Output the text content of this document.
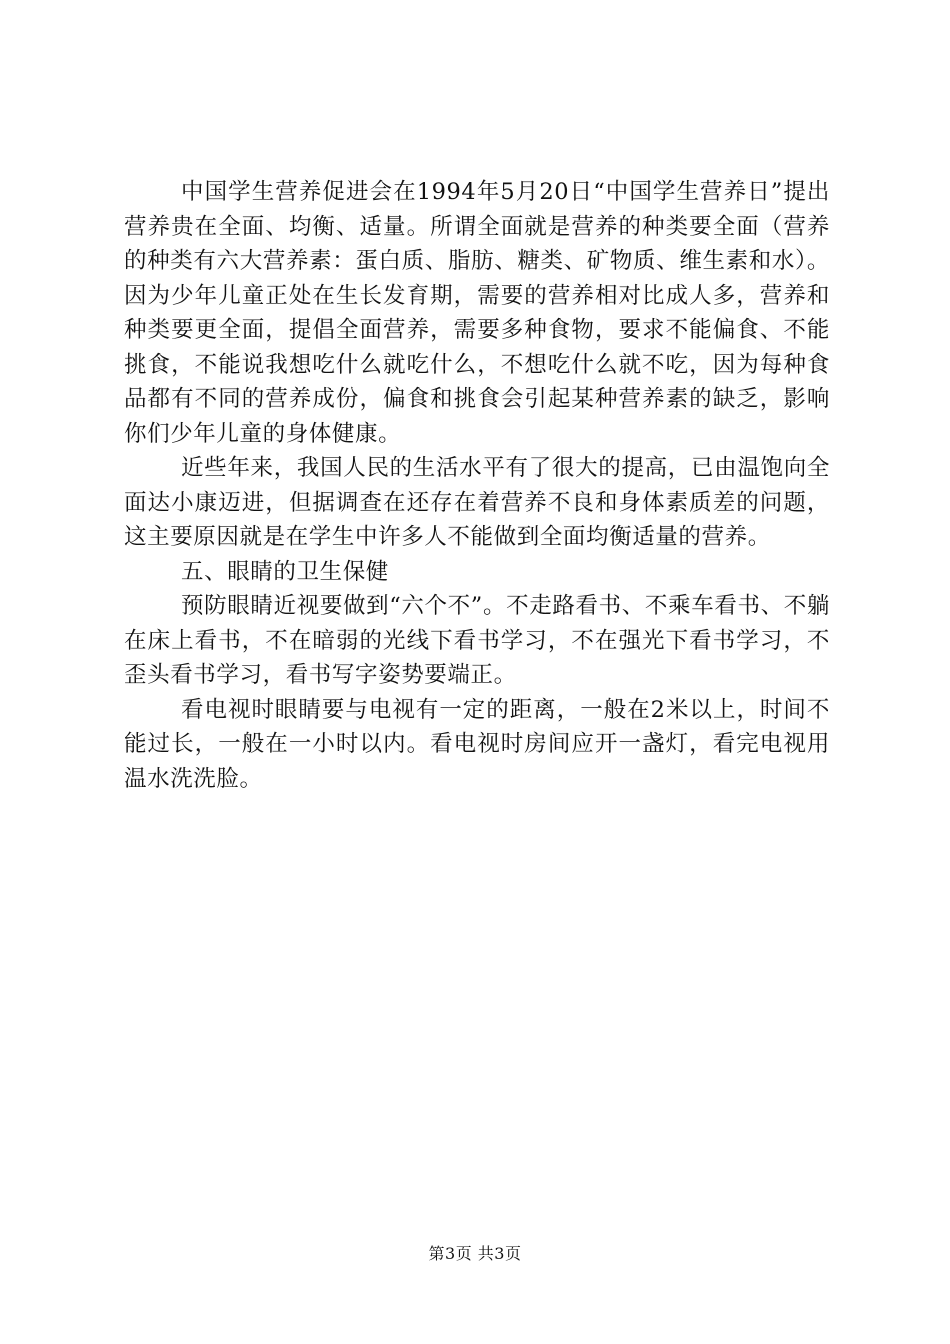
中国学生营养促进会在1994年5月20日“中国学生营养日”提出营养贵在全面、均衡、适量。所谓全面就是营养的种类要全面（营养的种类有六大营养素：蛋白质、脂肪、糖类、矿物质、维生素和水）。因为少年儿童正处在生长发育期，需要的营养相对比成人多，营养和种类要更全面，提倡全面营养，需要多种食物，要求不能偏食、不能挑食，不能说我想吃什么就吃什么，不想吃什么就不吃，因为每种食品都有不同的营养成份，偏食和挑食会引起某种营养素的缺乏，影响你们少年儿童的身体健康。

近些年来，我国人民的生活水平有了很大的提高，已由温饱向全面达小康迈进，但据调查在还存在着营养不良和身体素质差的问题，这主要原因就是在学生中许多人不能做到全面均衡适量的营养。

五、眼睛的卫生保健

预防眼睛近视要做到“六个不”。不走路看书、不乘车看书、不躺在床上看书，不在暗弱的光线下看书学习，不在强光下看书学习，不歪头看书学习，看书写字姿势要端正。

看电视时眼睛要与电视有一定的距离，一般在2米以上，时间不能过长，一般在一小时以内。看电视时房间应开一盏灯，看完电视用温水洗洗脸。

第3页 共3页
